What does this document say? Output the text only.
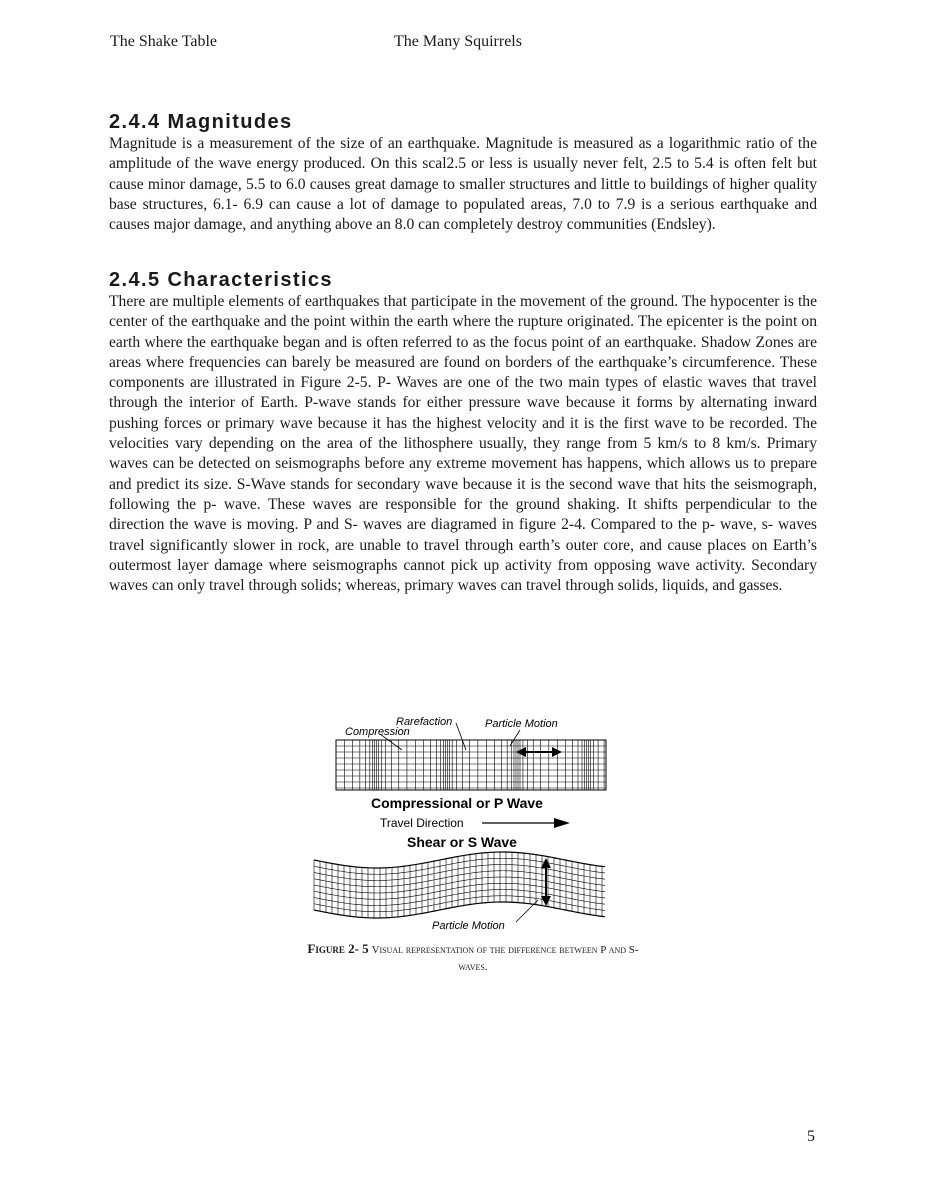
The Shake Table	The Many Squirrels
2.4.4 Magnitudes

Magnitude is a measurement of the size of an earthquake. Magnitude is measured as a logarithmic ratio of the amplitude of the wave energy produced. On this scal2.5 or less is usually never felt, 2.5 to 5.4 is often felt but cause minor damage, 5.5 to 6.0 causes great damage to smaller structures and little to buildings of higher quality base structures, 6.1- 6.9 can cause a lot of damage to populated areas, 7.0 to 7.9 is a serious earthquake and causes major damage, and anything above an 8.0 can completely destroy communities (Endsley).

2.4.5 Characteristics

There are multiple elements of earthquakes that participate in the movement of the ground. The hypocenter is the center of the earthquake and the point within the earth where the rupture originated. The epicenter is the point on earth where the earthquake began and is often referred to as the focus point of an earthquake. Shadow Zones are areas where frequencies can barely be measured are found on borders of the earthquake’s circumference. These components are illustrated in Figure 2-5. P- Waves are one of the two main types of elastic waves that travel through the interior of Earth. P-wave stands for either pressure wave because it forms by alternating inward pushing forces or primary wave because it has the highest velocity and it is the first wave to be recorded. The velocities vary depending on the area of the lithosphere usually, they range from 5 km/s to 8 km/s. Primary waves can be detected on seismographs before any extreme movement has happens, which allows us to prepare and predict its size. S-Wave stands for secondary wave because it is the second wave that hits the seismograph, following the p- wave. These waves are responsible for the ground shaking. It shifts perpendicular to the direction the wave is moving. P and S- waves are diagramed in figure 2-4. Compared to the p- wave, s- waves travel significantly slower in rock, are unable to travel through earth’s outer core, and cause places on Earth’s outermost layer damage where seismographs cannot pick up activity from opposing wave activity. Secondary waves can only travel through solids; whereas, primary waves can travel through solids, liquids, and gasses.

Rarefaction
Compression
Particle Motion
Compressional or P Wave
Travel Direction
Shear or S Wave
Particle Motion
Figure 2- 5 Visual representation of the difference between P and S-waves.
5
